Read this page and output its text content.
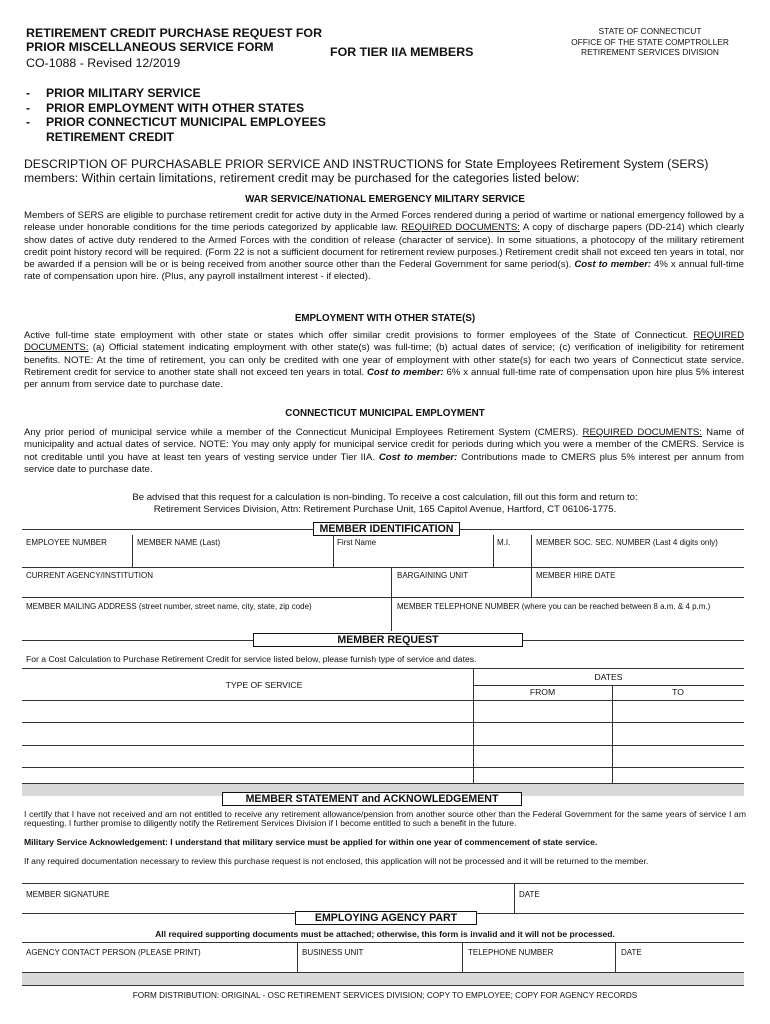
RETIREMENT CREDIT PURCHASE REQUEST FOR
PRIOR MISCELLANEOUS SERVICE FORM
CO-1088 - Revised 12/2019
FOR TIER IIA MEMBERS
STATE OF CONNECTICUT
OFFICE OF THE STATE COMPTROLLER
RETIREMENT SERVICES DIVISION
-	PRIOR MILITARY SERVICE
-	PRIOR EMPLOYMENT WITH OTHER STATES
-	PRIOR CONNECTICUT MUNICIPAL EMPLOYEES
RETIREMENT CREDIT
DESCRIPTION OF PURCHASABLE PRIOR SERVICE AND INSTRUCTIONS for State Employees Retirement System (SERS) members: Within certain limitations, retirement credit may be purchased for the categories listed below:
WAR SERVICE/NATIONAL EMERGENCY MILITARY SERVICE
Members of SERS are eligible to purchase retirement credit for active duty in the Armed Forces rendered during a period of wartime or national emergency followed by a release under honorable conditions for the time periods categorized by applicable law. REQUIRED DOCUMENTS: A copy of discharge papers (DD-214) which clearly show dates of active duty rendered to the Armed Forces with the condition of release (character of service). In some situations, a photocopy of the military retirement credit point history record will be required. (Form 22 is not a sufficient document for retirement review purposes.) Retirement credit shall not exceed ten years in total, nor be awarded if a pension will be or is being received from another source other than the Federal Government for same period(s). Cost to member: 4% x annual full-time rate of compensation upon hire. (Plus, any payroll installment interest - if elected).
EMPLOYMENT WITH OTHER STATE(S)
Active full-time state employment with other state or states which offer similar credit provisions to former employees of the State of Connecticut. REQUIRED DOCUMENTS: (a) Official statement indicating employment with other state(s) was full-time; (b) actual dates of service; (c) verification of ineligibility for retirement benefits. NOTE: At the time of retirement, you can only be credited with one year of employment with other state(s) for each two years of Connecticut state service. Retirement credit for service to another state shall not exceed ten years in total. Cost to member: 6% x annual full-time rate of compensation upon hire plus 5% interest per annum from service date to purchase date.
CONNECTICUT MUNICIPAL EMPLOYMENT
Any prior period of municipal service while a member of the Connecticut Municipal Employees Retirement System (CMERS). REQUIRED DOCUMENTS: Name of municipality and actual dates of service. NOTE: You may only apply for municipal service credit for periods during which you were a member of the CMERS. Service is not creditable until you have at least ten years of vesting service under Tier IIA. Cost to member: Contributions made to CMERS plus 5% interest per annum from service date to purchase date.
Be advised that this request for a calculation is non-binding. To receive a cost calculation, fill out this form and return to:
Retirement Services Division, Attn: Retirement Purchase Unit, 165 Capitol Avenue, Hartford, CT 06106-1775.
MEMBER IDENTIFICATION
EMPLOYEE NUMBER	MEMBER NAME (Last)	First Name	M.I.	MEMBER SOC. SEC. NUMBER (Last 4 digits only)
CURRENT AGENCY/INSTITUTION	BARGAINING UNIT	MEMBER HIRE DATE
MEMBER MAILING ADDRESS (street number, street name, city, state, zip code)	MEMBER TELEPHONE NUMBER (where you can be reached between 8 a.m. & 4 p.m.)
MEMBER REQUEST
For a Cost Calculation to Purchase Retirement Credit for service listed below, please furnish type of service and dates.
TYPE OF SERVICE
DATES
FROM	TO
MEMBER STATEMENT and ACKNOWLEDGEMENT
I certify that I have not received and am not entitled to receive any retirement allowance/pension from another source other than the Federal Government for the same years of service I am requesting. I further promise to diligently notify the Retirement Services Division if I become entitled to such a benefit in the future.
Military Service Acknowledgement: I understand that military service must be applied for within one year of commencement of state service.
If any required documentation necessary to review this purchase request is not enclosed, this application will not be processed and it will be returned to the member.
MEMBER SIGNATURE	DATE
EMPLOYING AGENCY PART
All required supporting documents must be attached; otherwise, this form is invalid and it will not be processed.
AGENCY CONTACT PERSON (PLEASE PRINT)	BUSINESS UNIT	TELEPHONE NUMBER	DATE
FORM DISTRIBUTION: ORIGINAL - OSC RETIREMENT SERVICES DIVISION; COPY TO EMPLOYEE; COPY FOR AGENCY RECORDS
